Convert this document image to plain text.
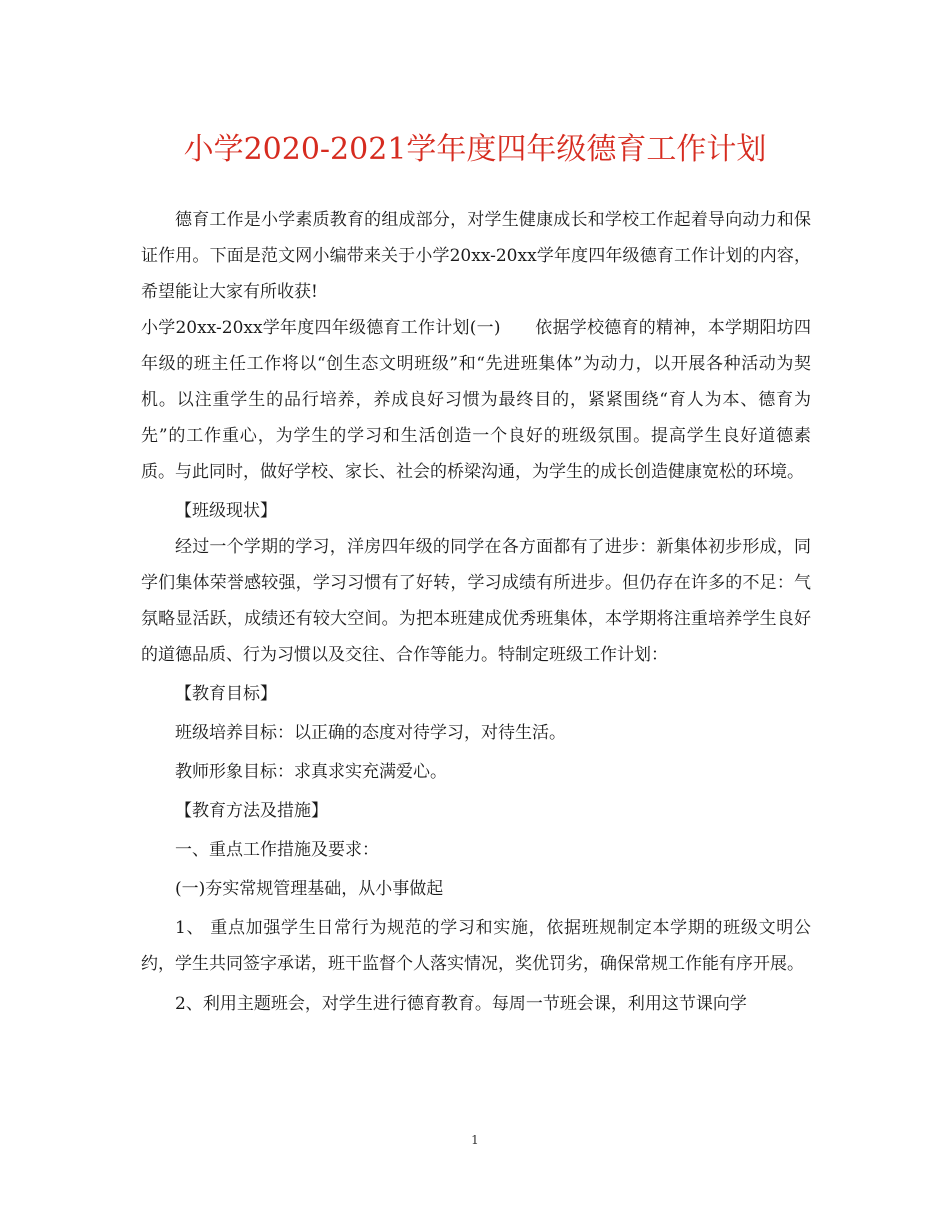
小学2020-2021学年度四年级德育工作计划

德育工作是小学素质教育的组成部分，对学生健康成长和学校工作起着导向动力和保证作用。下面是范文网小编带来关于小学20xx-20xx学年度四年级德育工作计划的内容，希望能让大家有所收获!

小学20xx-20xx学年度四年级德育工作计划(一)　　依据学校德育的精神，本学期阳坊四年级的班主任工作将以“创生态文明班级”和“先进班集体”为动力，以开展各种活动为契机。以注重学生的品行培养，养成良好习惯为最终目的，紧紧围绕“育人为本、德育为先”的工作重心，为学生的学习和生活创造一个良好的班级氛围。提高学生良好道德素质。与此同时，做好学校、家长、社会的桥梁沟通，为学生的成长创造健康宽松的环境。

【班级现状】

经过一个学期的学习，洋房四年级的同学在各方面都有了进步：新集体初步形成，同学们集体荣誉感较强，学习习惯有了好转，学习成绩有所进步。但仍存在许多的不足：气氛略显活跃，成绩还有较大空间。为把本班建成优秀班集体，本学期将注重培养学生良好的道德品质、行为习惯以及交往、合作等能力。特制定班级工作计划：

【教育目标】

班级培养目标：以正确的态度对待学习，对待生活。

教师形象目标：求真求实充满爱心。

【教育方法及措施】

一、重点工作措施及要求：

(一)夯实常规管理基础，从小事做起

1、 重点加强学生日常行为规范的学习和实施，依据班规制定本学期的班级文明公约，学生共同签字承诺，班干监督个人落实情况，奖优罚劣，确保常规工作能有序开展。

2、利用主题班会，对学生进行德育教育。每周一节班会课，利用这节课向学

1
